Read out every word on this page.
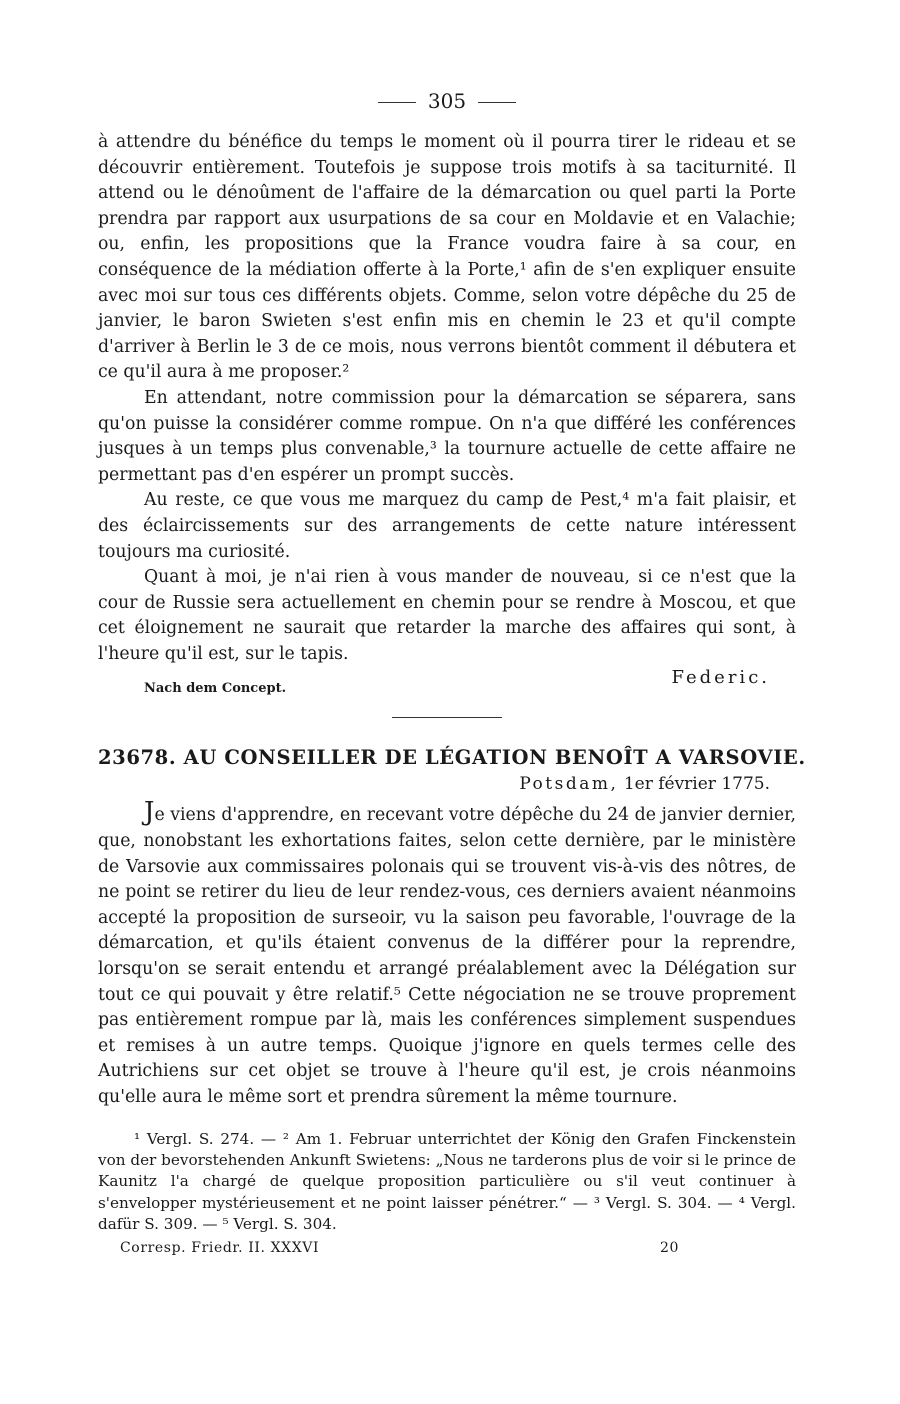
305

à attendre du bénéfice du temps le moment où il pourra tirer le rideau et se découvrir entièrement. Toutefois je suppose trois motifs à sa taciturnité. Il attend ou le dénoûment de l'affaire de la démarcation ou quel parti la Porte prendra par rapport aux usurpations de sa cour en Moldavie et en Valachie; ou, enfin, les propositions que la France voudra faire à sa cour, en conséquence de la médiation offerte à la Porte,¹ afin de s'en expliquer ensuite avec moi sur tous ces différents objets. Comme, selon votre dépêche du 25 de janvier, le baron Swieten s'est enfin mis en chemin le 23 et qu'il compte d'arriver à Berlin le 3 de ce mois, nous verrons bientôt comment il débutera et ce qu'il aura à me proposer.²

En attendant, notre commission pour la démarcation se séparera, sans qu'on puisse la considérer comme rompue. On n'a que différé les conférences jusques à un temps plus convenable,³ la tournure actuelle de cette affaire ne permettant pas d'en espérer un prompt succès.

Au reste, ce que vous me marquez du camp de Pest,⁴ m'a fait plaisir, et des éclaircissements sur des arrangements de cette nature intéressent toujours ma curiosité.

Quant à moi, je n'ai rien à vous mander de nouveau, si ce n'est que la cour de Russie sera actuellement en chemin pour se rendre à Moscou, et que cet éloignement ne saurait que retarder la marche des affaires qui sont, à l'heure qu'il est, sur le tapis.

Nach dem Concept.
Federic.
23678. AU CONSEILLER DE LÉGATION BENOÎT A VARSOVIE.
Potsdam, 1er février 1775.

Je viens d'apprendre, en recevant votre dépêche du 24 de janvier dernier, que, nonobstant les exhortations faites, selon cette dernière, par le ministère de Varsovie aux commissaires polonais qui se trouvent vis-à-vis des nôtres, de ne point se retirer du lieu de leur rendez-vous, ces derniers avaient néanmoins accepté la proposition de surseoir, vu la saison peu favorable, l'ouvrage de la démarcation, et qu'ils étaient convenus de la différer pour la reprendre, lorsqu'on se serait entendu et arrangé préalablement avec la Délégation sur tout ce qui pouvait y être relatif.⁵ Cette négociation ne se trouve proprement pas entièrement rompue par là, mais les conférences simplement suspendues et remises à un autre temps. Quoique j'ignore en quels termes celle des Autrichiens sur cet objet se trouve à l'heure qu'il est, je crois néanmoins qu'elle aura le même sort et prendra sûrement la même tournure.

¹ Vergl. S. 274. — ² Am 1. Februar unterrichtet der König den Grafen Finckenstein von der bevorstehenden Ankunft Swietens: „Nous ne tarderons plus de voir si le prince de Kaunitz l'a chargé de quelque proposition particulière ou s'il veut continuer à s'envelopper mystérieusement et ne point laisser pénétrer.“ — ³ Vergl. S. 304. — ⁴ Vergl. dafür S. 309. — ⁵ Vergl. S. 304.

Corresp. Friedr. II. XXXVI	20
